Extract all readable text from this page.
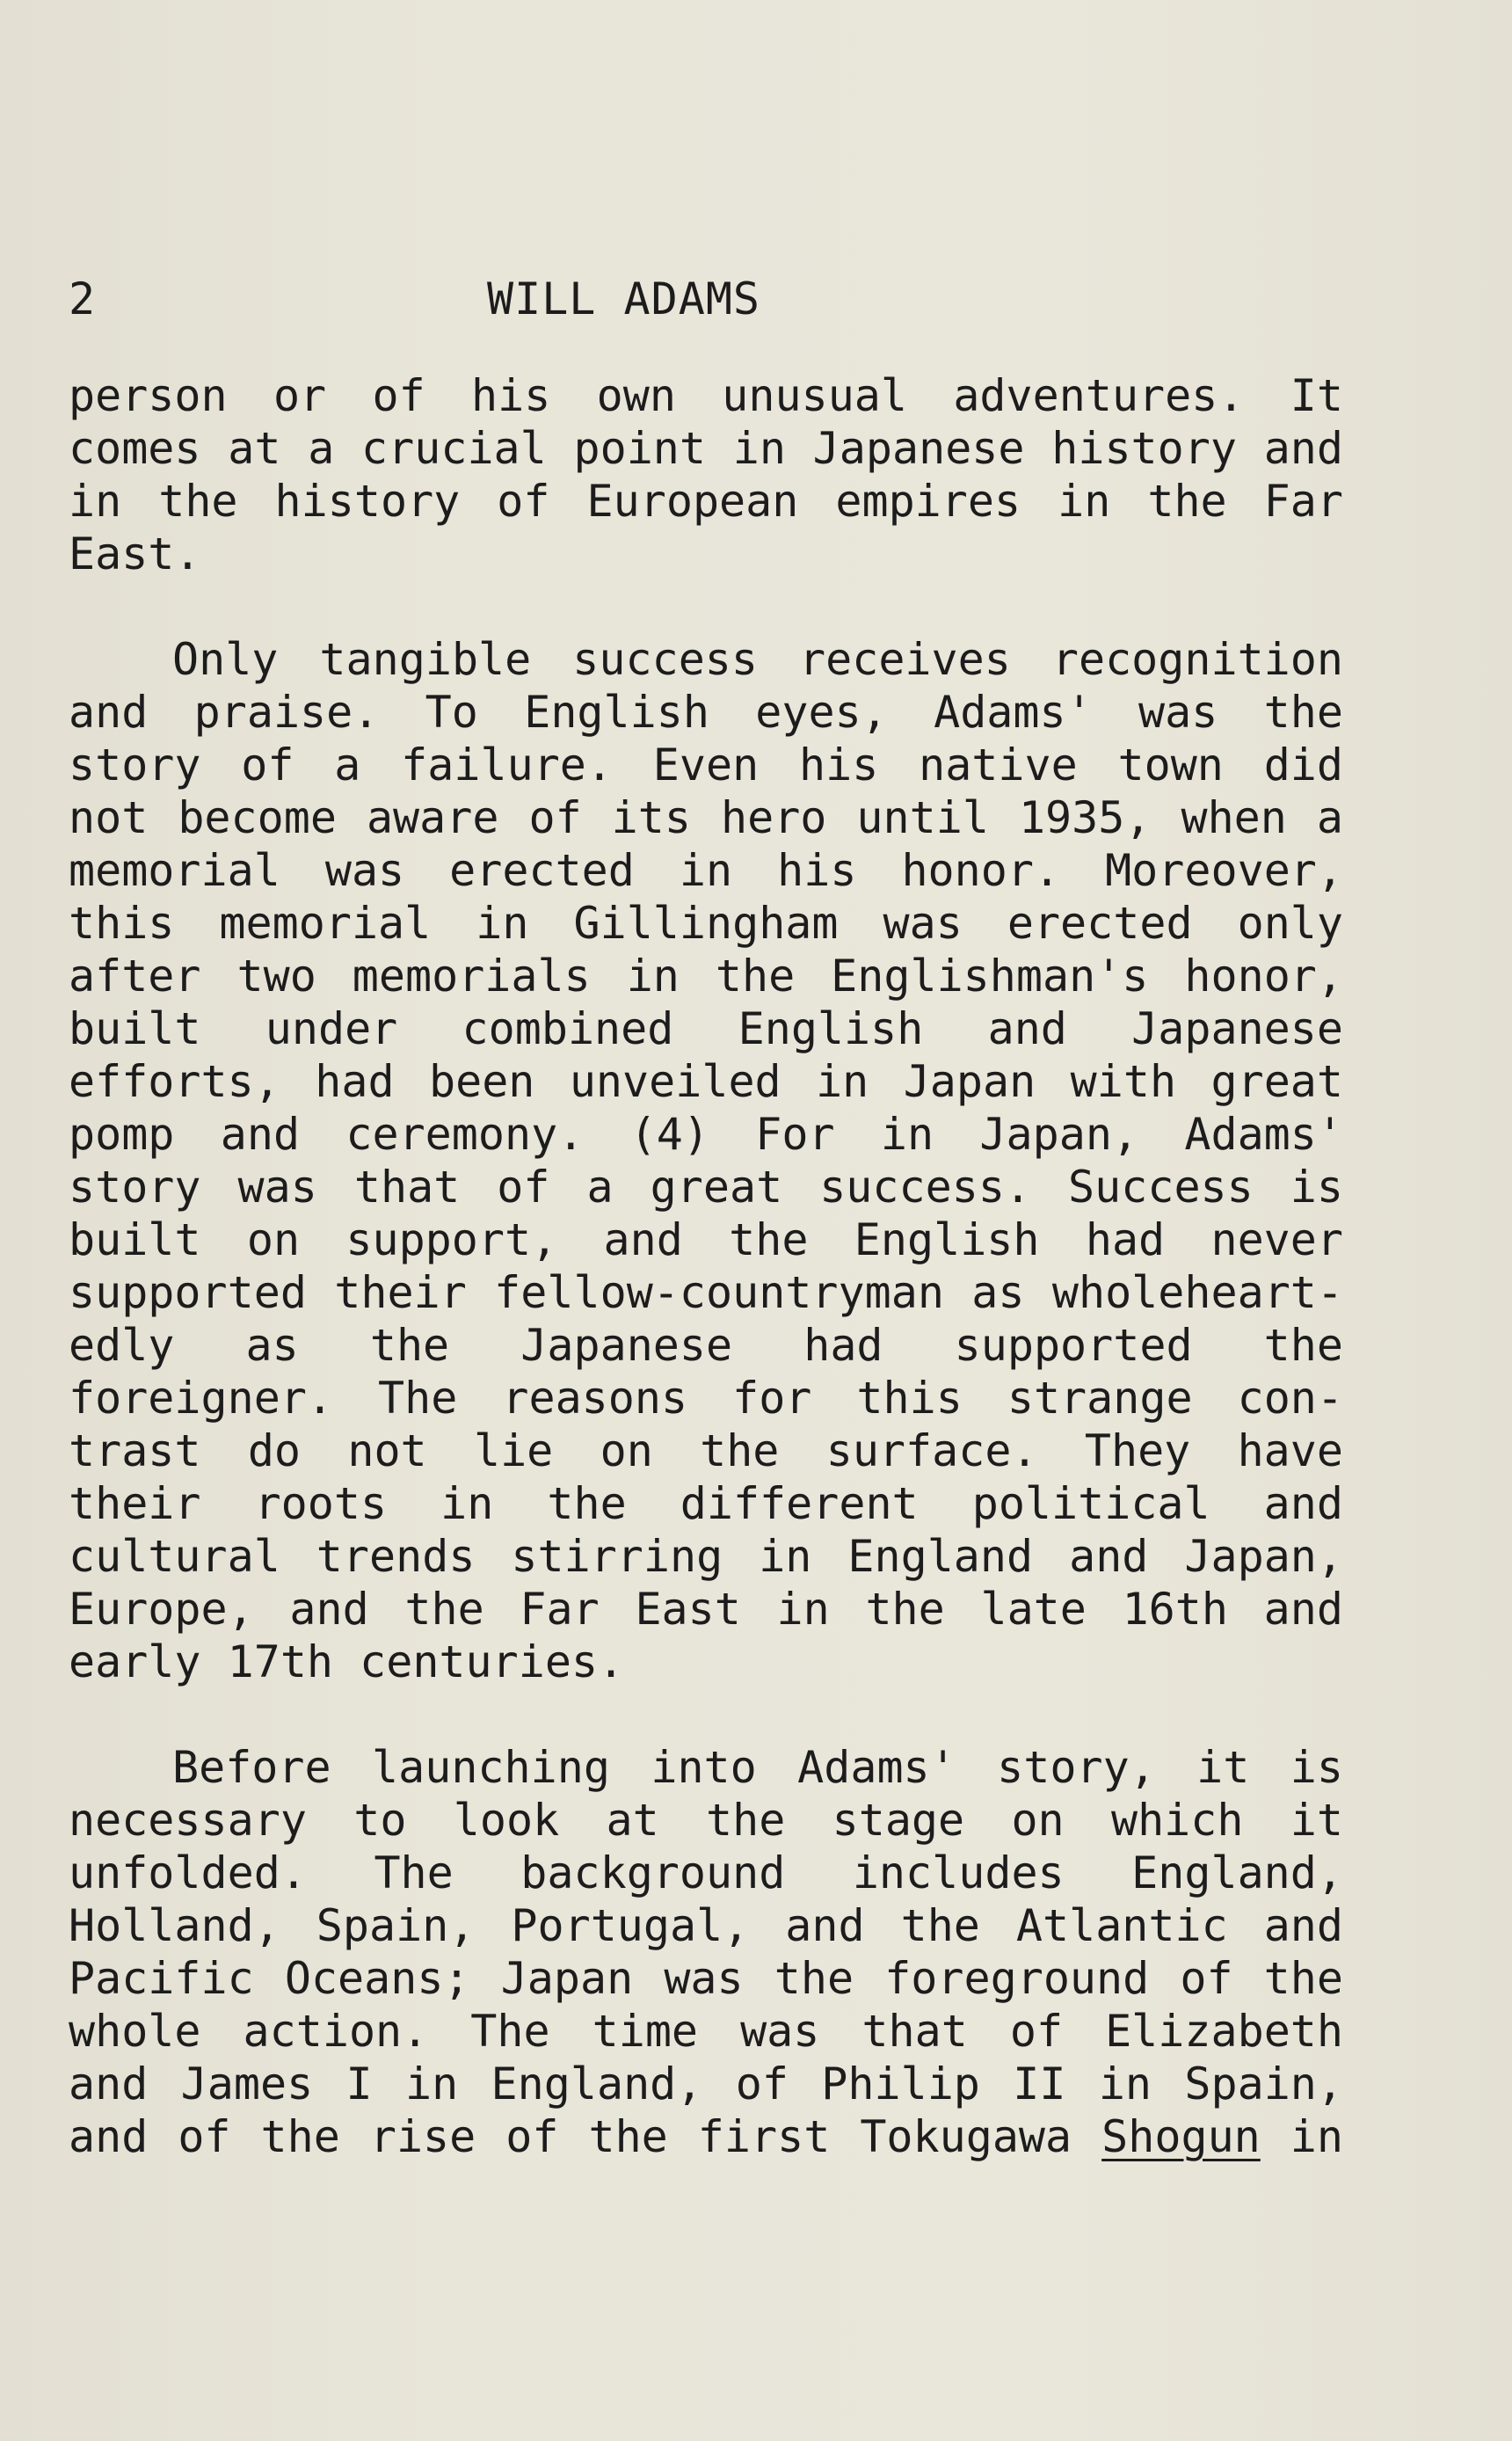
2	WILL ADAMS
person or of his own unusual adventures. It
comes at a crucial point in Japanese history and
in the history of European empires in the Far
East.
Only tangible success receives recognition
and praise. To English eyes, Adams' was the
story of a failure. Even his native town did
not become aware of its hero until 1935, when a
memorial was erected in his honor. Moreover,
this memorial in Gillingham was erected only
after two memorials in the Englishman's honor,
built under combined English and Japanese
efforts, had been unveiled in Japan with great
pomp and ceremony. (4) For in Japan, Adams'
story was that of a great success. Success is
built on support, and the English had never
supported their fellow-countryman as wholeheart-
edly as the Japanese had supported the
foreigner. The reasons for this strange con-
trast do not lie on the surface. They have
their roots in the different political and
cultural trends stirring in England and Japan,
Europe, and the Far East in the late 16th and
early 17th centuries.
Before launching into Adams' story, it is
necessary to look at the stage on which it
unfolded. The background includes England,
Holland, Spain, Portugal, and the Atlantic and
Pacific Oceans; Japan was the foreground of the
whole action. The time was that of Elizabeth
and James I in England, of Philip II in Spain,
and of the rise of the first Tokugawa Shogun in
